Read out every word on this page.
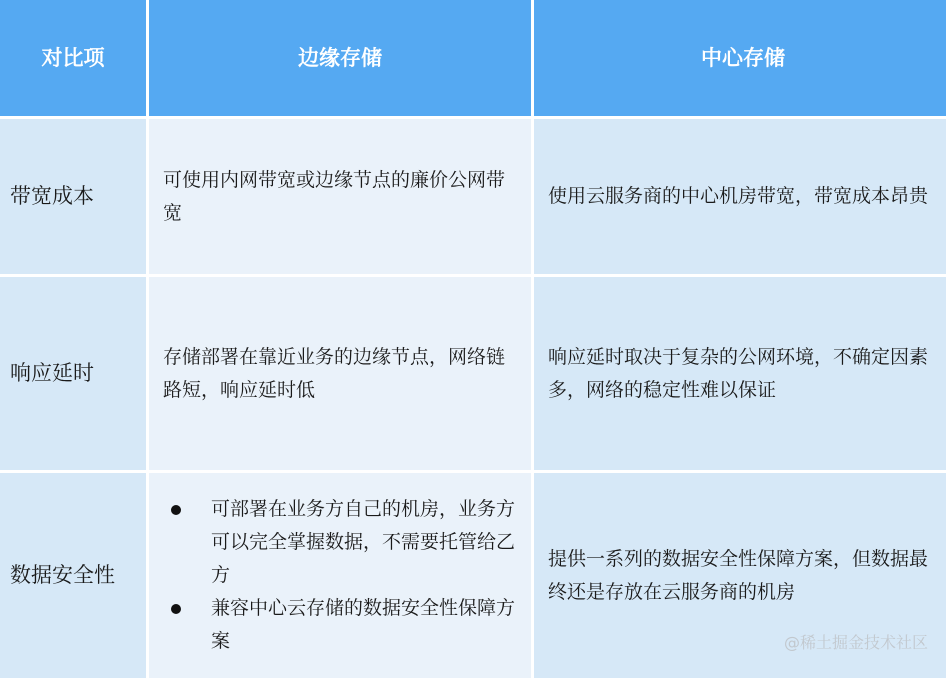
对比项	边缘存储	中心存储
带宽成本
可使用内网带宽或边缘节点的廉价公网带宽
使用云服务商的中心机房带宽，带宽成本昂贵
响应延时
存储部署在靠近业务的边缘节点，网络链路短，响应延时低
响应延时取决于复杂的公网环境，不确定因素多，网络的稳定性难以保证
数据安全性
可部署在业务方自己的机房，业务方可以完全掌握数据，不需要托管给乙方
兼容中心云存储的数据安全性保障方案
提供一系列的数据安全性保障方案，但数据最终还是存放在云服务商的机房
@稀土掘金技术社区
